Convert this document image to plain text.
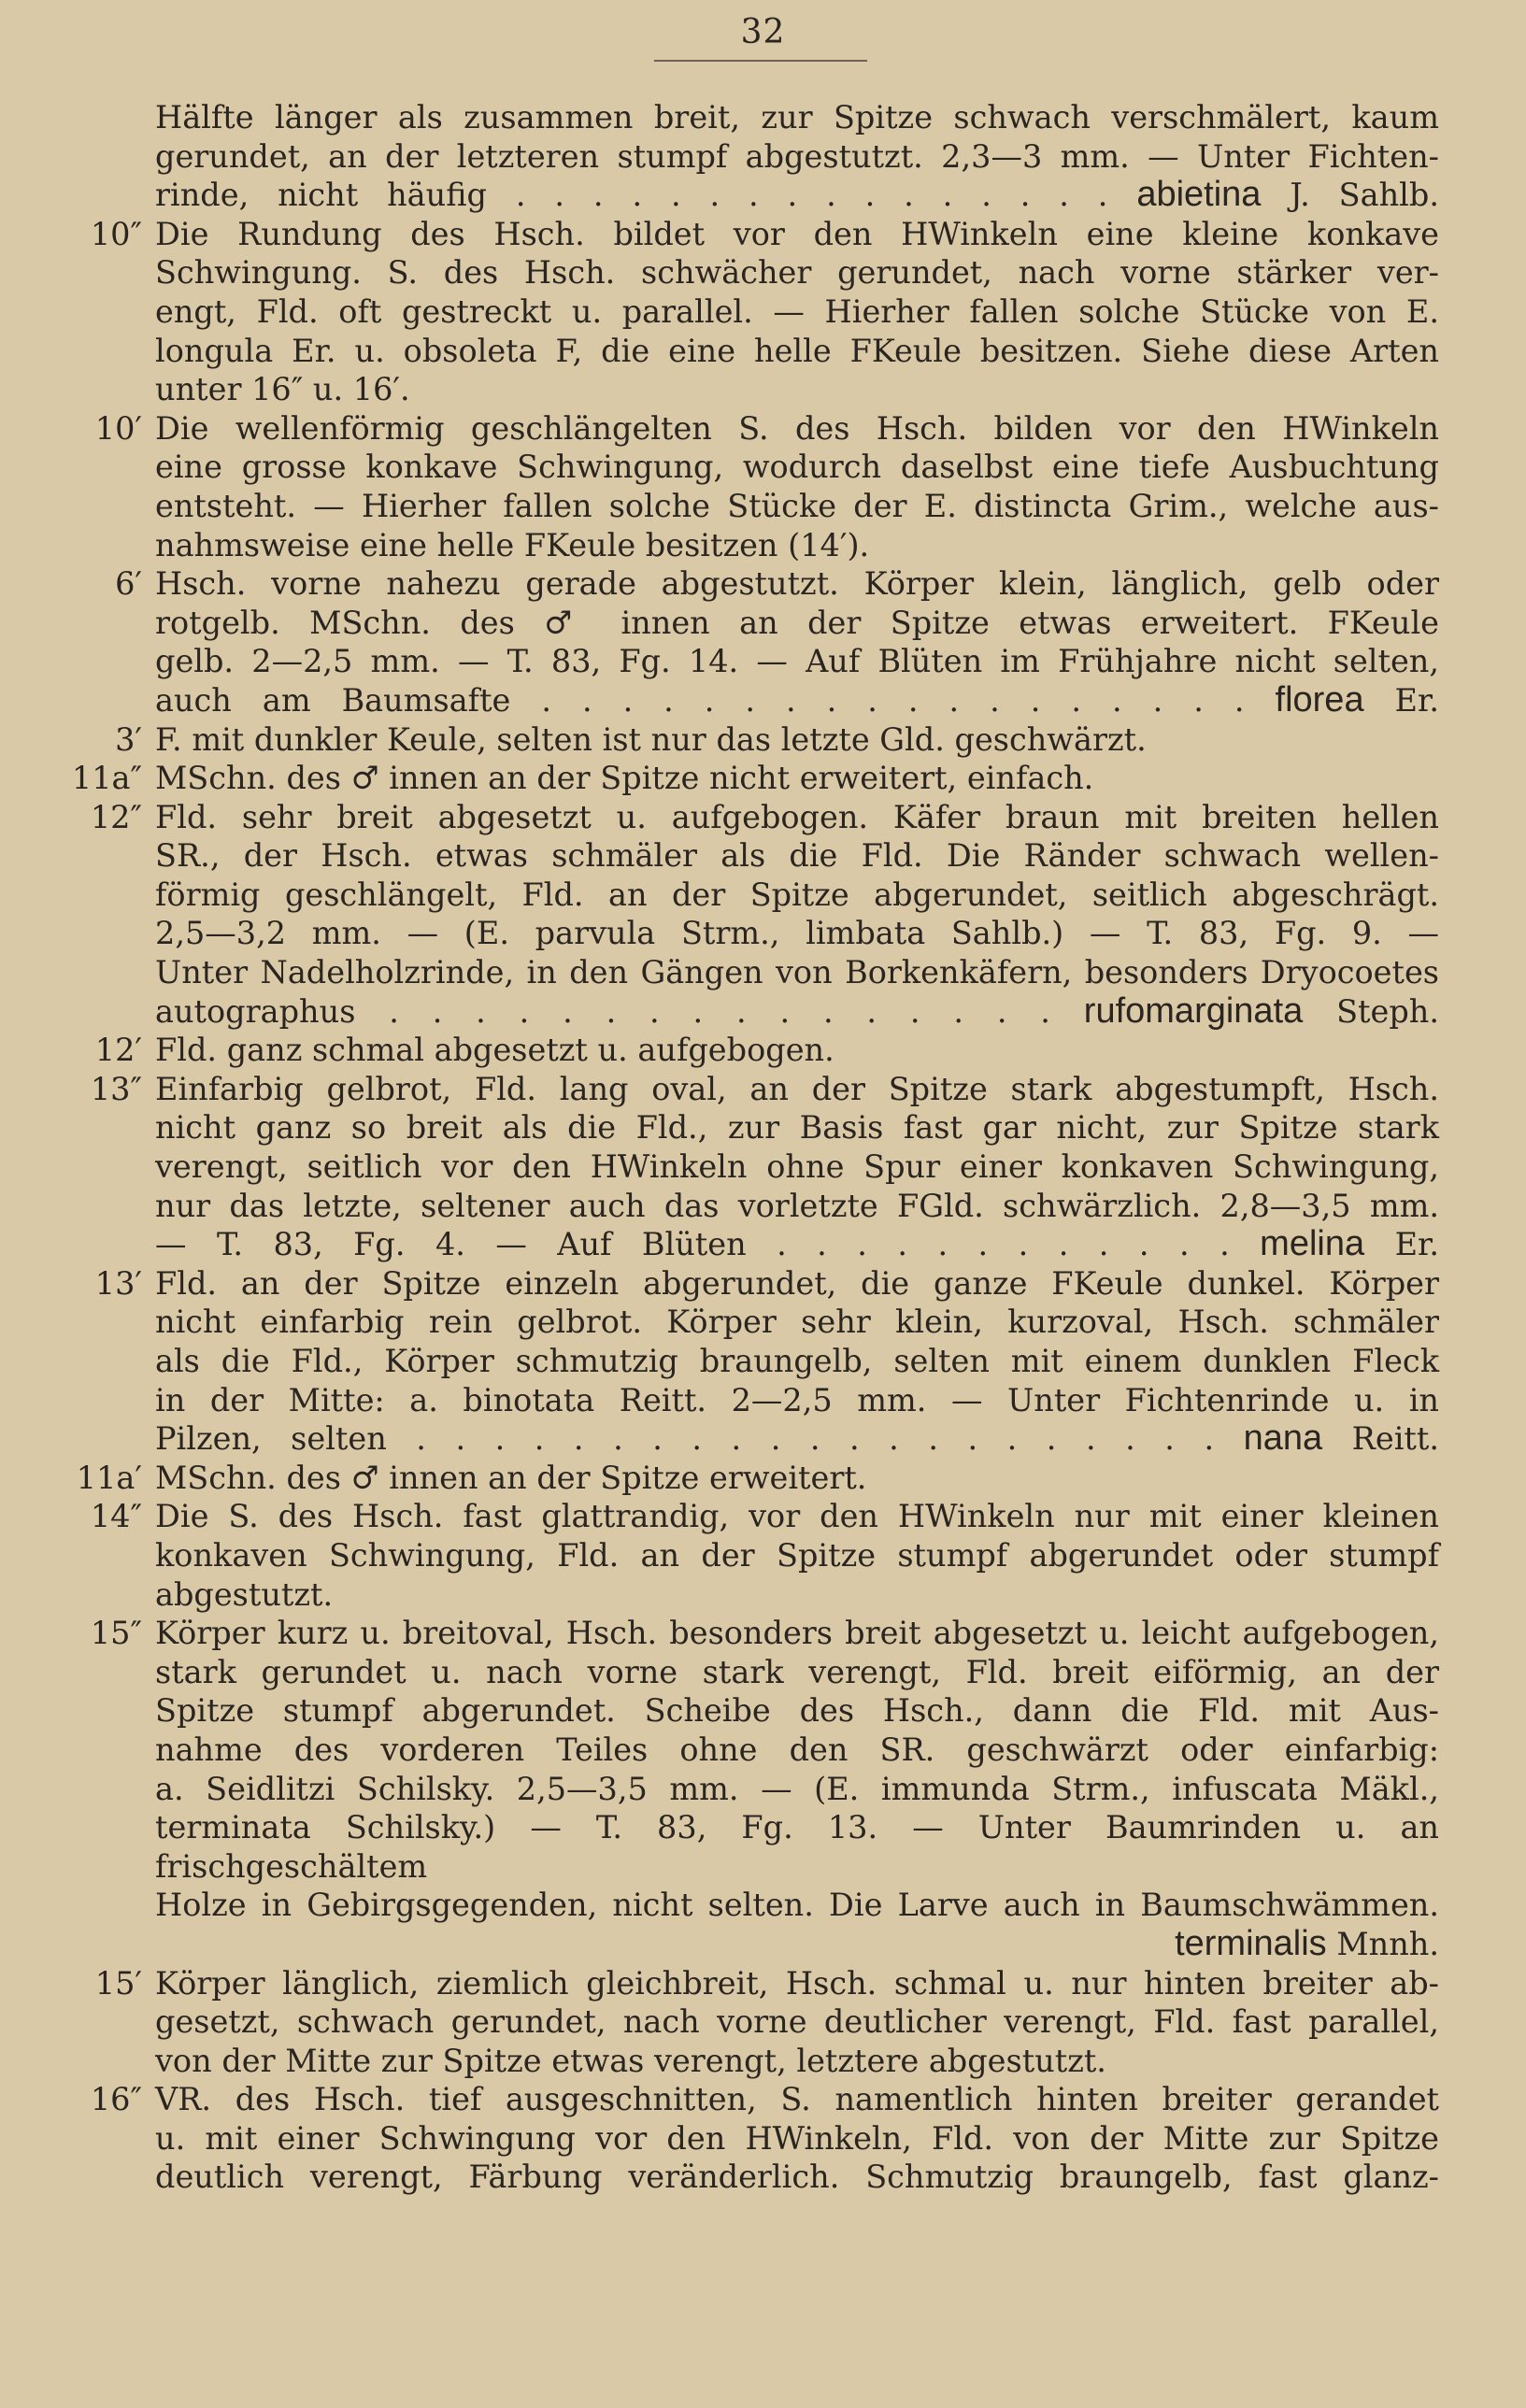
32

Hälfte länger als zusammen breit, zur Spitze schwach verschmälert, kaum

gerundet, an der letzteren stumpf abgestutzt. 2,3—3 mm. — Unter Fichten-

rinde, nicht häufig . . . . . . . . . . . . . . . . abietina J. Sahlb.

10″ Die Rundung des Hsch. bildet vor den HWinkeln eine kleine konkave

Schwingung. S. des Hsch. schwächer gerundet, nach vorne stärker ver-

engt, Fld. oft gestreckt u. parallel. — Hierher fallen solche Stücke von E.

longula Er. u. obsoleta F, die eine helle FKeule besitzen. Siehe diese Arten

unter 16″ u. 16′.

10′ Die wellenförmig geschlängelten S. des Hsch. bilden vor den HWinkeln

eine grosse konkave Schwingung, wodurch daselbst eine tiefe Ausbuchtung

entsteht. — Hierher fallen solche Stücke der E. distincta Grim., welche aus-

nahmsweise eine helle FKeule besitzen (14′).

6′ Hsch. vorne nahezu gerade abgestutzt. Körper klein, länglich, gelb oder

rotgelb. MSchn. des ♂ innen an der Spitze etwas erweitert. FKeule

gelb. 2—2,5 mm. — T. 83, Fg. 14. — Auf Blüten im Frühjahre nicht selten,

auch am Baumsafte . . . . . . . . . . . . . . . . . . florea Er.

3′ F. mit dunkler Keule, selten ist nur das letzte Gld. geschwärzt.

11a″ MSchn. des ♂ innen an der Spitze nicht erweitert, einfach.

12″ Fld. sehr breit abgesetzt u. aufgebogen. Käfer braun mit breiten hellen

SR., der Hsch. etwas schmäler als die Fld. Die Ränder schwach wellen-

förmig geschlängelt, Fld. an der Spitze abgerundet, seitlich abgeschrägt.

2,5—3,2 mm. — (E. parvula Strm., limbata Sahlb.) — T. 83, Fg. 9. —

Unter Nadelholzrinde, in den Gängen von Borkenkäfern, besonders Dryocoetes

autographus . . . . . . . . . . . . . . . . rufomarginata Steph.

12′ Fld. ganz schmal abgesetzt u. aufgebogen.

13″ Einfarbig gelbrot, Fld. lang oval, an der Spitze stark abgestumpft, Hsch.

nicht ganz so breit als die Fld., zur Basis fast gar nicht, zur Spitze stark

verengt, seitlich vor den HWinkeln ohne Spur einer konkaven Schwingung,

nur das letzte, seltener auch das vorletzte FGld. schwärzlich. 2,8—3,5 mm.

— T. 83, Fg. 4. — Auf Blüten . . . . . . . . . . . . melina Er.

13′ Fld. an der Spitze einzeln abgerundet, die ganze FKeule dunkel. Körper

nicht einfarbig rein gelbrot. Körper sehr klein, kurzoval, Hsch. schmäler

als die Fld., Körper schmutzig braungelb, selten mit einem dunklen Fleck

in der Mitte: a. binotata Reitt. 2—2,5 mm. — Unter Fichtenrinde u. in

Pilzen, selten . . . . . . . . . . . . . . . . . . . . . nana Reitt.

11a′ MSchn. des ♂ innen an der Spitze erweitert.

14″ Die S. des Hsch. fast glattrandig, vor den HWinkeln nur mit einer kleinen

konkaven Schwingung, Fld. an der Spitze stumpf abgerundet oder stumpf

abgestutzt.

15″ Körper kurz u. breitoval, Hsch. besonders breit abgesetzt u. leicht aufgebogen,

stark gerundet u. nach vorne stark verengt, Fld. breit eiförmig, an der

Spitze stumpf abgerundet. Scheibe des Hsch., dann die Fld. mit Aus-

nahme des vorderen Teiles ohne den SR. geschwärzt oder einfarbig:

a. Seidlitzi Schilsky. 2,5—3,5 mm. — (E. immunda Strm., infuscata Mäkl.,

terminata Schilsky.) — T. 83, Fg. 13. — Unter Baumrinden u. an frischgeschältem

Holze in Gebirgsgegenden, nicht selten. Die Larve auch in Baumschwämmen.

terminalis Mnnh.

15′ Körper länglich, ziemlich gleichbreit, Hsch. schmal u. nur hinten breiter ab-

gesetzt, schwach gerundet, nach vorne deutlicher verengt, Fld. fast parallel,

von der Mitte zur Spitze etwas verengt, letztere abgestutzt.

16″ VR. des Hsch. tief ausgeschnitten, S. namentlich hinten breiter gerandet

u. mit einer Schwingung vor den HWinkeln, Fld. von der Mitte zur Spitze

deutlich verengt, Färbung veränderlich. Schmutzig braungelb, fast glanz-
